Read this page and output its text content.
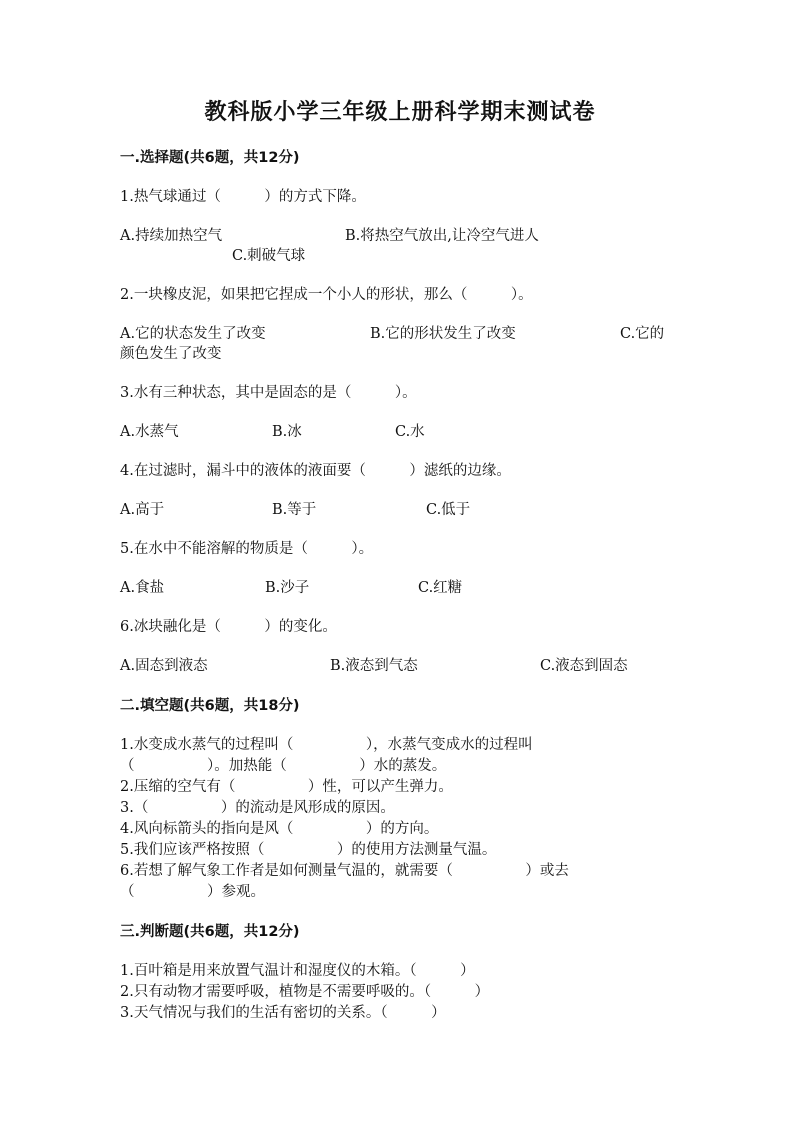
教科版小学三年级上册科学期末测试卷
一.选择题(共6题，共12分)
1.热气球通过（　　　）的方式下降。
A.持续加热空气	B.将热空气放出,让冷空气进人
C.刺破气球
2.一块橡皮泥，如果把它捏成一个小人的形状，那么（　　　）。
A.它的状态发生了改变	B.它的形状发生了改变	C.它的
颜色发生了改变
3.水有三种状态，其中是固态的是（　　　）。
A.水蒸气	B.冰	C.水
4.在过滤时，漏斗中的液体的液面要（　　　）滤纸的边缘。
A.高于	B.等于	C.低于
5.在水中不能溶解的物质是（　　　）。
A.食盐	B.沙子	C.红糖
6.冰块融化是（　　　）的变化。
A.固态到液态	B.液态到气态	C.液态到固态
二.填空题(共6题，共18分)
1.水变成水蒸气的过程叫（　　　　　），水蒸气变成水的过程叫
（　　　　　）。加热能（　　　　　）水的蒸发。
2.压缩的空气有（　　　　　）性，可以产生弹力。
3.（　　　　　）的流动是风形成的原因。
4.风向标箭头的指向是风（　　　　　）的方向。
5.我们应该严格按照（　　　　　）的使用方法测量气温。
6.若想了解气象工作者是如何测量气温的，就需要（　　　　　）或去
（　　　　　）参观。
三.判断题(共6题，共12分)
1.百叶箱是用来放置气温计和湿度仪的木箱。（　　　）
2.只有动物才需要呼吸，植物是不需要呼吸的。（　　　）
3.天气情况与我们的生活有密切的关系。（　　　）
